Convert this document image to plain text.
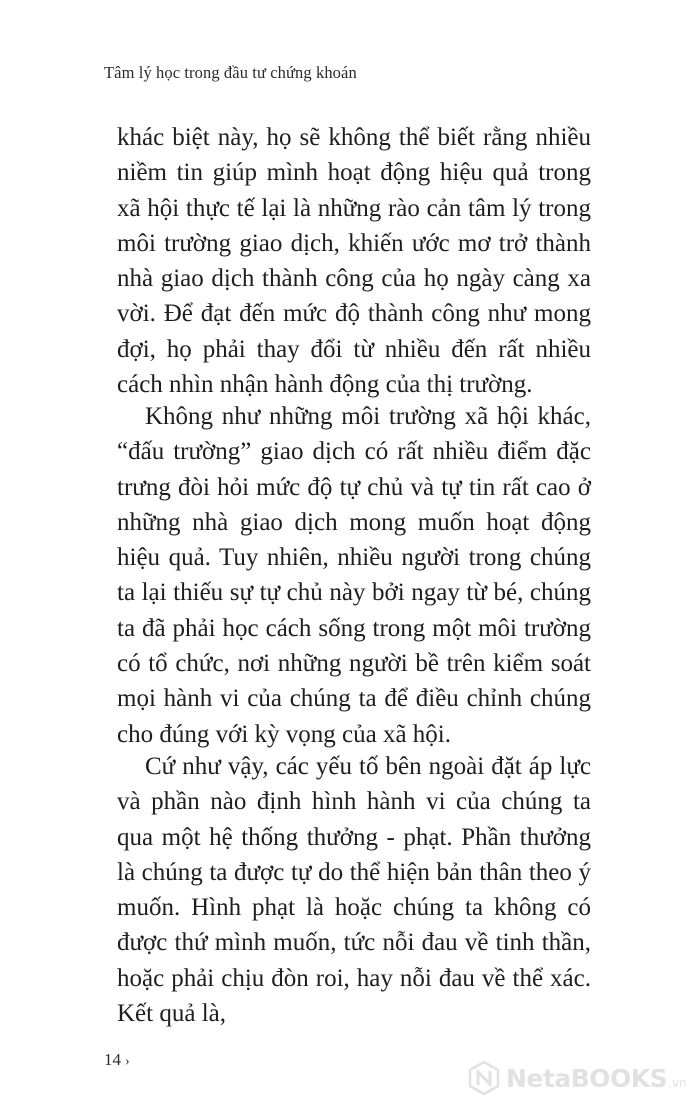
Tâm lý học trong đầu tư chứng khoán

khác biệt này, họ sẽ không thể biết rằng nhiều niềm tin giúp mình hoạt động hiệu quả trong xã hội thực tế lại là những rào cản tâm lý trong môi trường giao dịch, khiến ước mơ trở thành nhà giao dịch thành công của họ ngày càng xa vời. Để đạt đến mức độ thành công như mong đợi, họ phải thay đổi từ nhiều đến rất nhiều cách nhìn nhận hành động của thị trường.

Không như những môi trường xã hội khác, “đấu trường” giao dịch có rất nhiều điểm đặc trưng đòi hỏi mức độ tự chủ và tự tin rất cao ở những nhà giao dịch mong muốn hoạt động hiệu quả. Tuy nhiên, nhiều người trong chúng ta lại thiếu sự tự chủ này bởi ngay từ bé, chúng ta đã phải học cách sống trong một môi trường có tổ chức, nơi những người bề trên kiểm soát mọi hành vi của chúng ta để điều chỉnh chúng cho đúng với kỳ vọng của xã hội.

Cứ như vậy, các yếu tố bên ngoài đặt áp lực và phần nào định hình hành vi của chúng ta qua một hệ thống thưởng - phạt. Phần thưởng là chúng ta được tự do thể hiện bản thân theo ý muốn. Hình phạt là hoặc chúng ta không có được thứ mình muốn, tức nỗi đau về tinh thần, hoặc phải chịu đòn roi, hay nỗi đau về thể xác. Kết quả là,

14 ›
NetaBOOKS .vn
